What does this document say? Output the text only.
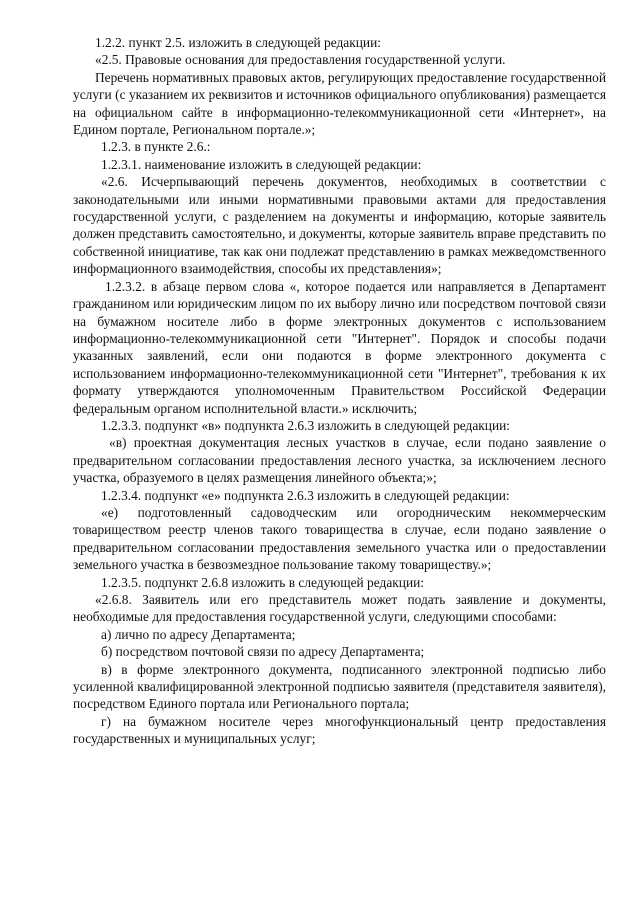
1.2.2. пункт 2.5. изложить в следующей редакции:

«2.5. Правовые основания для предоставления государственной услуги.

Перечень нормативных правовых актов, регулирующих предоставление государственной услуги (с указанием их реквизитов и источников официального опубликования) размещается на официальном сайте в информационно-телекоммуникационной сети «Интернет», на Едином портале, Региональном портале.»;

1.2.3. в пункте 2.6.:

1.2.3.1. наименование изложить в следующей редакции:

«2.6. Исчерпывающий перечень документов, необходимых в соответствии с законодательными или иными нормативными правовыми актами для предоставления государственной услуги, с разделением на документы и информацию, которые заявитель должен представить самостоятельно, и документы, которые заявитель вправе представить по собственной инициативе, так как они подлежат представлению в рамках межведомственного информационного взаимодействия, способы их представления»;

1.2.3.2. в абзаце первом слова «, которое подается или направляется в Департамент гражданином или юридическим лицом по их выбору лично или посредством почтовой связи на бумажном носителе либо в форме электронных документов с использованием информационно-телекоммуникационной сети "Интернет". Порядок и способы подачи указанных заявлений, если они подаются в форме электронного документа с использованием информационно-телекоммуникационной сети "Интернет", требования к их формату утверждаются уполномоченным Правительством Российской Федерации федеральным органом исполнительной власти.» исключить;

1.2.3.3. подпункт «в» подпункта 2.6.3 изложить в следующей редакции:

«в) проектная документация лесных участков в случае, если подано заявление о предварительном согласовании предоставления лесного участка, за исключением лесного участка, образуемого в целях размещения линейного объекта;»;

1.2.3.4. подпункт «е» подпункта 2.6.3 изложить в следующей редакции:

«е) подготовленный садоводческим или огородническим некоммерческим товариществом реестр членов такого товарищества в случае, если подано заявление о предварительном согласовании предоставления земельного участка или о предоставлении земельного участка в безвозмездное пользование такому товариществу.»;

1.2.3.5. подпункт 2.6.8 изложить в следующей редакции:

«2.6.8. Заявитель или его представитель может подать заявление и документы, необходимые для предоставления государственной услуги, следующими способами:

а) лично по адресу Департамента;

б) посредством почтовой связи по адресу Департамента;

в) в форме электронного документа, подписанного электронной подписью либо усиленной квалифицированной электронной подписью заявителя (представителя заявителя), посредством Единого портала или Регионального портала;

г) на бумажном носителе через многофункциональный центр предоставления государственных и муниципальных услуг;
